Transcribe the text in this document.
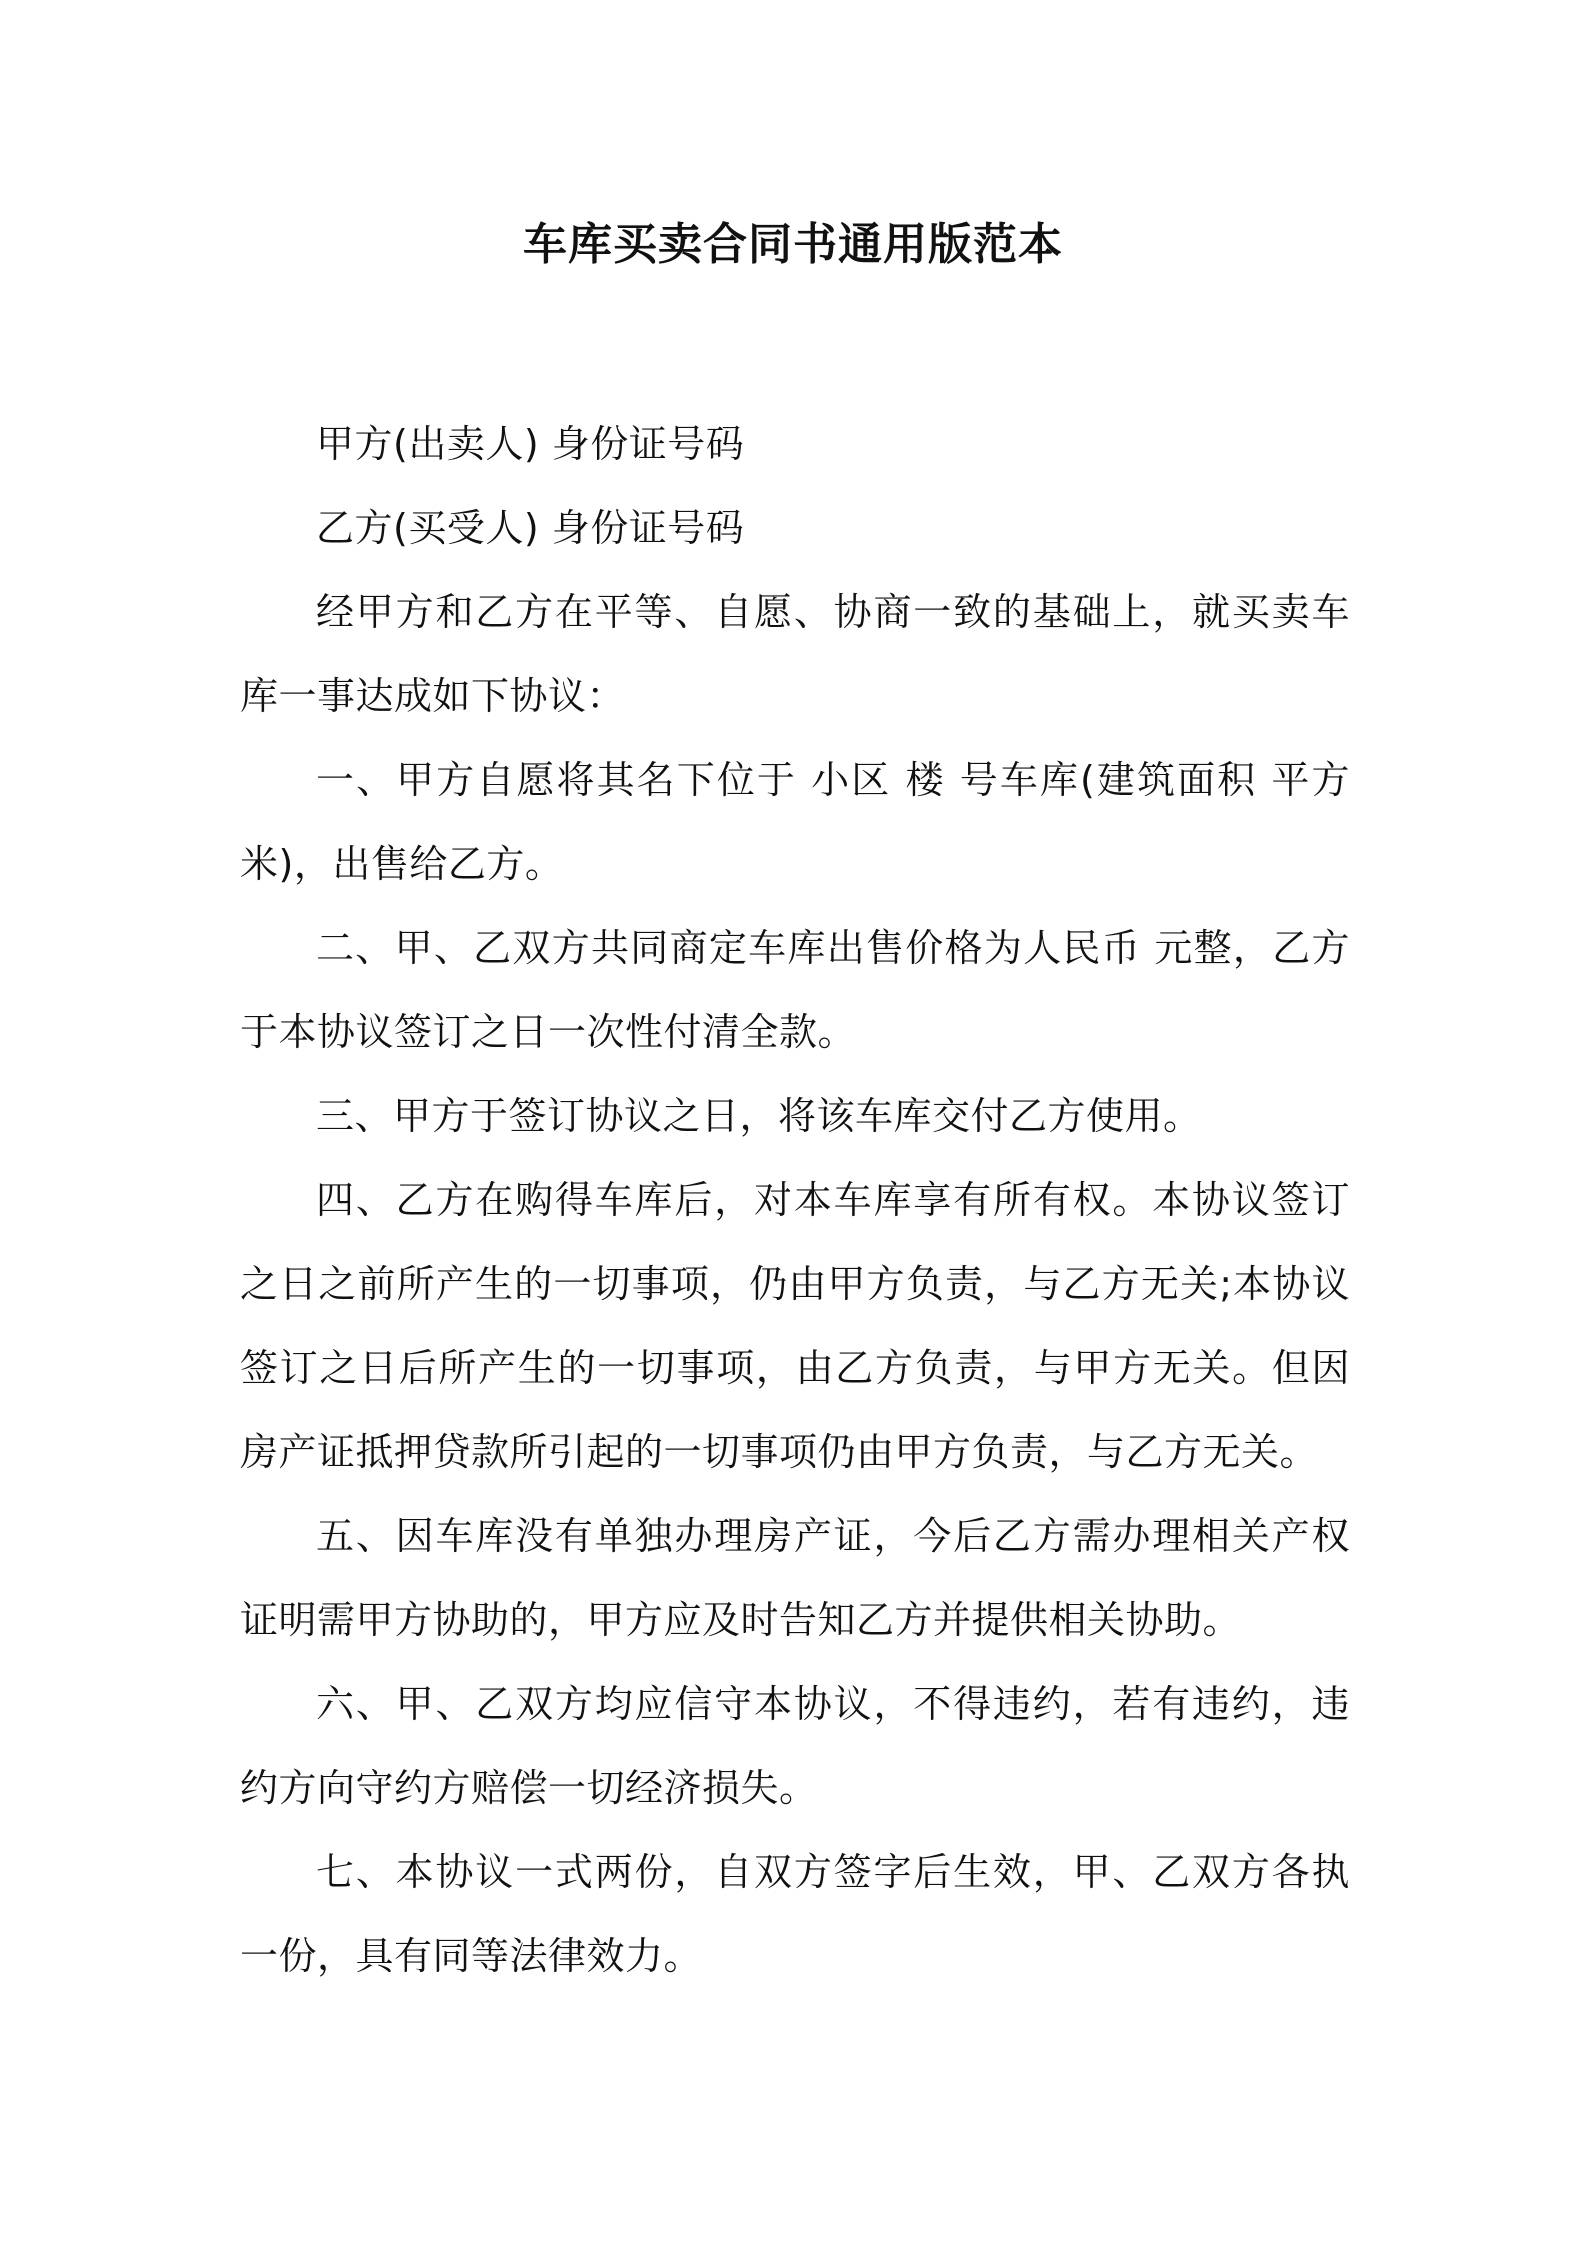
车库买卖合同书通用版范本

甲方(出卖人) 身份证号码

乙方(买受人) 身份证号码

经甲方和乙方在平等、自愿、协商一致的基础上，就买卖车库一事达成如下协议：

一、甲方自愿将其名下位于 小区 楼 号车库(建筑面积 平方米)，出售给乙方。

二、甲、乙双方共同商定车库出售价格为人民币 元整，乙方于本协议签订之日一次性付清全款。

三、甲方于签订协议之日，将该车库交付乙方使用。

四、乙方在购得车库后，对本车库享有所有权。本协议签订之日之前所产生的一切事项，仍由甲方负责，与乙方无关;本协议签订之日后所产生的一切事项，由乙方负责，与甲方无关。但因房产证抵押贷款所引起的一切事项仍由甲方负责，与乙方无关。

五、因车库没有单独办理房产证，今后乙方需办理相关产权证明需甲方协助的，甲方应及时告知乙方并提供相关协助。

六、甲、乙双方均应信守本协议，不得违约，若有违约，违约方向守约方赔偿一切经济损失。

七、本协议一式两份，自双方签字后生效，甲、乙双方各执一份，具有同等法律效力。
